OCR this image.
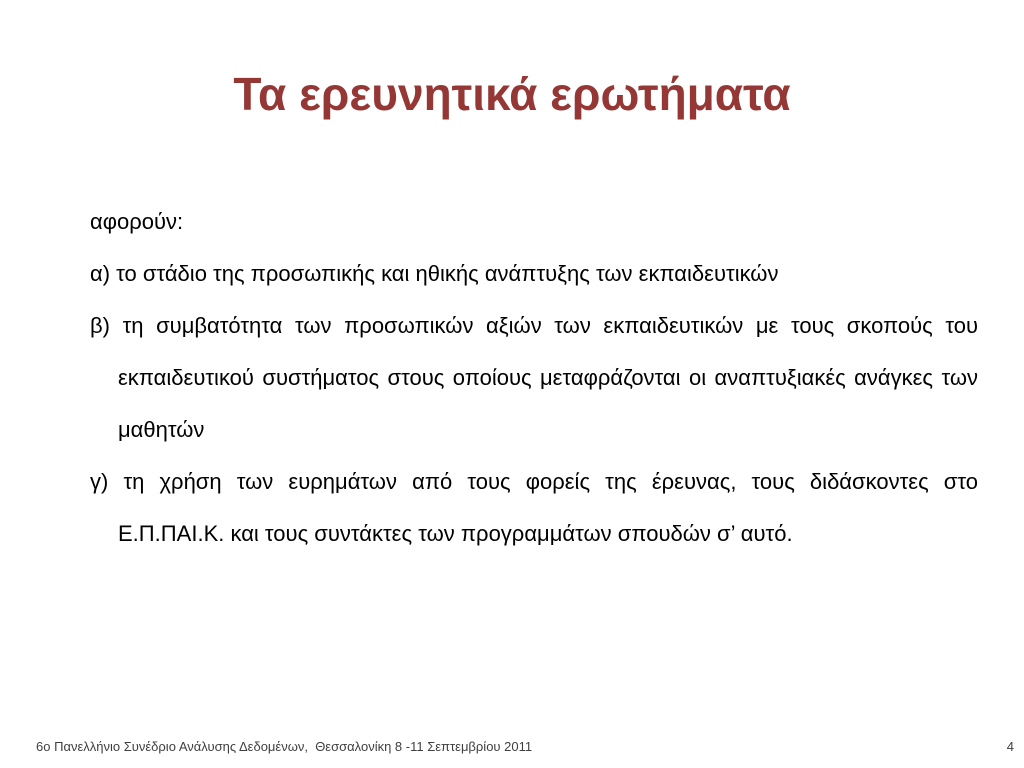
Τα ερευνητικά ερωτήματα

αφορούν:

α) το στάδιο της προσωπικής και ηθικής ανάπτυξης των εκπαιδευτικών

β) τη συμβατότητα των προσωπικών αξιών των εκπαιδευτικών με τους σκοπούς του εκπαιδευτικού συστήματος στους οποίους μεταφράζονται οι αναπτυξιακές ανάγκες των μαθητών

γ) τη χρήση των ευρημάτων από τους φορείς της έρευνας, τους διδάσκοντες στο Ε.Π.ΠΑΙ.Κ. και τους συντάκτες των προγραμμάτων σπουδών σ’ αυτό.

6ο Πανελλήνιο Συνέδριο Ανάλυσης Δεδομένων,  Θεσσαλονίκη 8 -11 Σεπτεμβρίου 2011	4
